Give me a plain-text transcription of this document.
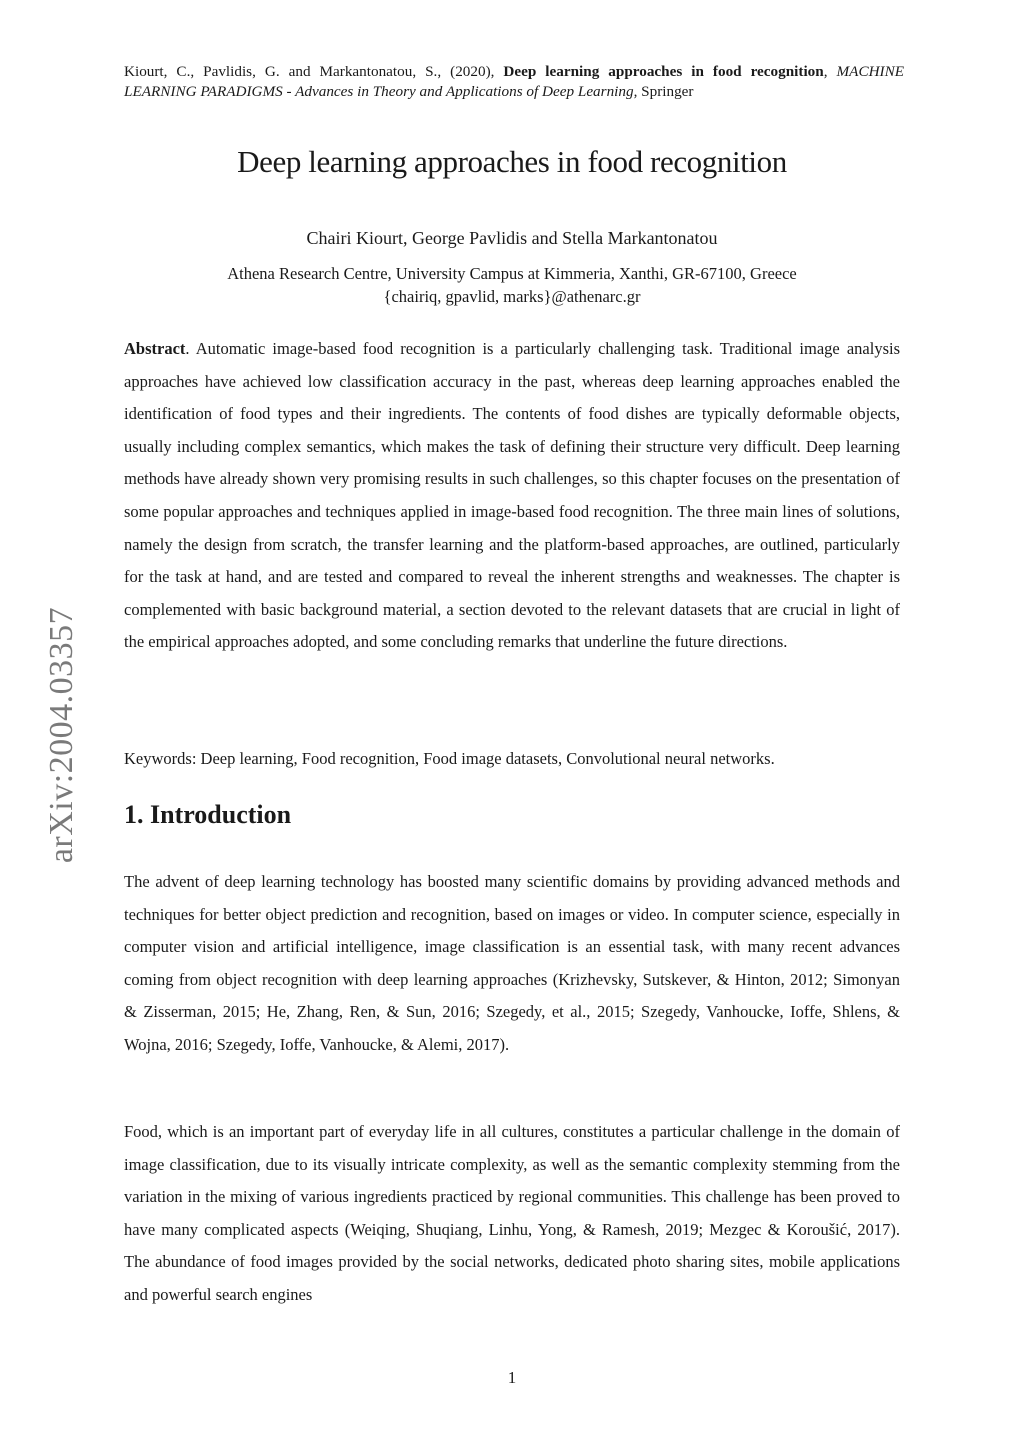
Kiourt, C., Pavlidis, G. and Markantonatou, S., (2020), Deep learning approaches in food recognition, MACHINE LEARNING PARADIGMS - Advances in Theory and Applications of Deep Learning, Springer
Deep learning approaches in food recognition
Chairi Kiourt, George Pavlidis and Stella Markantonatou
Athena Research Centre, University Campus at Kimmeria, Xanthi, GR-67100, Greece
{chairiq, gpavlid, marks}@athenarc.gr
Abstract. Automatic image-based food recognition is a particularly challenging task. Traditional image analysis approaches have achieved low classification accuracy in the past, whereas deep learning approaches enabled the identification of food types and their ingredients. The contents of food dishes are typically deformable objects, usually including complex semantics, which makes the task of defining their structure very difficult. Deep learning methods have already shown very promising results in such challenges, so this chapter focuses on the presentation of some popular approaches and techniques applied in image-based food recognition. The three main lines of solutions, namely the design from scratch, the transfer learning and the platform-based approaches, are outlined, particularly for the task at hand, and are tested and compared to reveal the inherent strengths and weaknesses. The chapter is complemented with basic background material, a section devoted to the relevant datasets that are crucial in light of the empirical approaches adopted, and some concluding remarks that underline the future directions.
Keywords: Deep learning, Food recognition, Food image datasets, Convolutional neural networks.
1. Introduction

The advent of deep learning technology has boosted many scientific domains by providing advanced methods and techniques for better object prediction and recognition, based on images or video. In computer science, especially in computer vision and artificial intelligence, image classification is an essential task, with many recent advances coming from object recognition with deep learning approaches (Krizhevsky, Sutskever, & Hinton, 2012; Simonyan & Zisserman, 2015; He, Zhang, Ren, & Sun, 2016; Szegedy, et al., 2015; Szegedy, Vanhoucke, Ioffe, Shlens, & Wojna, 2016; Szegedy, Ioffe, Vanhoucke, & Alemi, 2017).

Food, which is an important part of everyday life in all cultures, constitutes a particular challenge in the domain of image classification, due to its visually intricate complexity, as well as the semantic complexity stemming from the variation in the mixing of various ingredients practiced by regional communities. This challenge has been proved to have many complicated aspects (Weiqing, Shuqiang, Linhu, Yong, & Ramesh, 2019; Mezgec & Koroušić, 2017). The abundance of food images provided by the social networks, dedicated photo sharing sites, mobile applications and powerful search engines

1
arXiv:2004.03357
